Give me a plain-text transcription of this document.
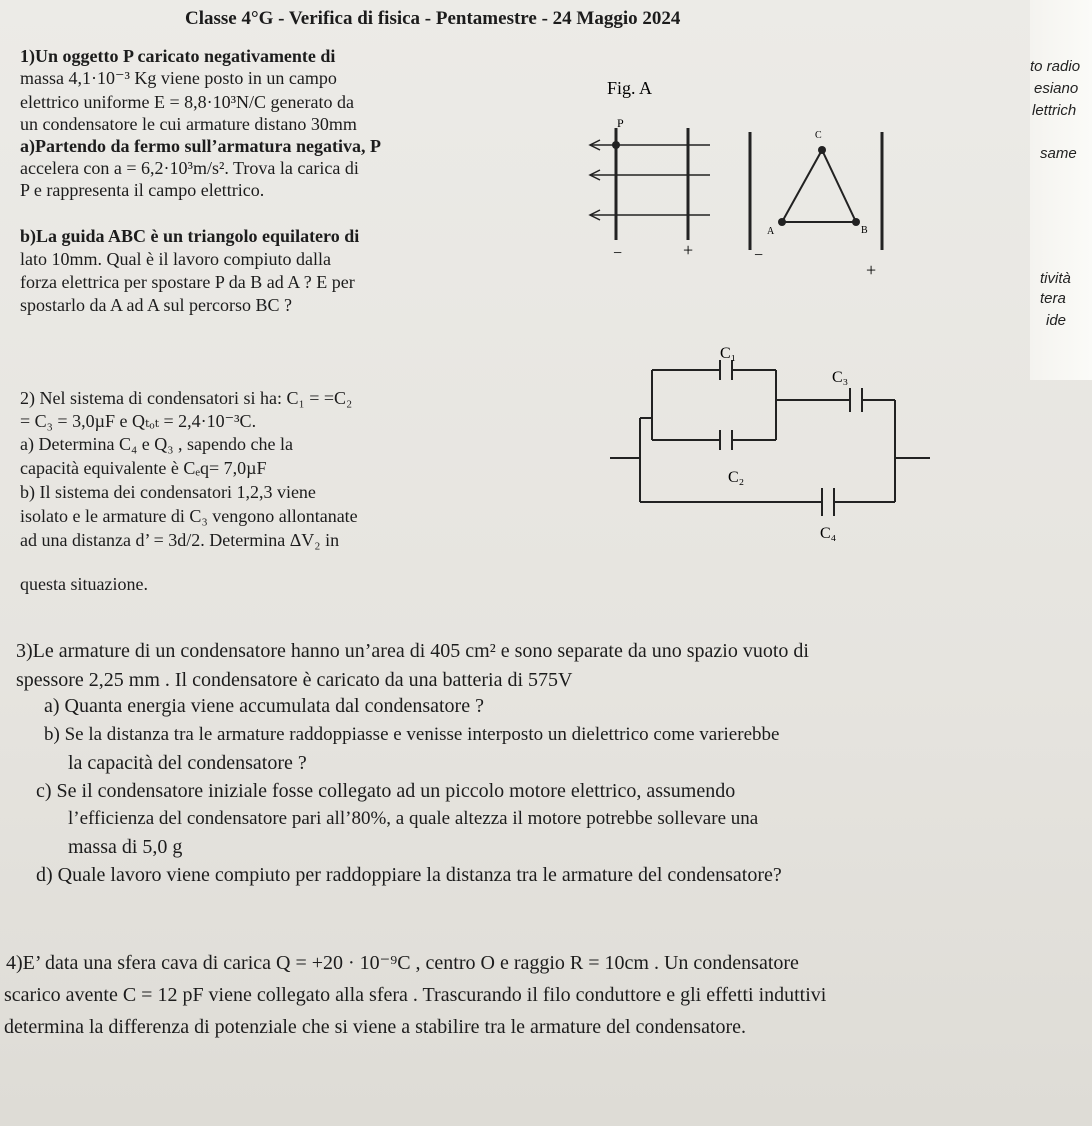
to radio
esiano
lettrich
same
tività
tera
ide
Classe 4°G - Verifica di fisica - Pentamestre - 24 Maggio 2024
1)Un oggetto P caricato negativamente di
massa 4,1·10⁻³ Kg viene posto in un campo
elettrico uniforme E = 8,8·10³N/C generato da
un condensatore le cui armature distano 30mm
a)Partendo da fermo sull’armatura negativa, P
accelera con a = 6,2·10³m/s². Trova la carica di
P e rappresenta il campo elettrico.
b)La guida ABC è un triangolo equilatero di
lato 10mm. Qual è il lavoro compiuto dalla
forza elettrica per spostare P da B ad A ? E per
spostarlo da A ad A sul percorso BC ?
Fig. A
P
−	+
A	B
C
−
+
2) Nel sistema di condensatori si ha: C₁ = =C₂
= C₃ = 3,0µF e Qₜₒₜ = 2,4·10⁻³C.
a) Determina C₄ e Q₃ , sapendo che la
capacità equivalente è Cₑq= 7,0µF
b) Il sistema dei condensatori 1,2,3 viene
isolato e le armature di C₃ vengono allontanate
ad una distanza d’ = 3d/2. Determina ΔV₂ in
questa situazione.
C₁
C₂
C₃
C₄
3)Le armature di un condensatore hanno un’area di 405 cm² e sono separate da uno spazio vuoto di
spessore 2,25 mm . Il condensatore è caricato da una batteria di 575V
a) Quanta energia viene accumulata dal condensatore ?
b) Se la distanza tra le armature raddoppiasse e venisse interposto un dielettrico come varierebbe
la capacità del condensatore ?
c) Se il condensatore iniziale fosse collegato ad un piccolo motore elettrico, assumendo
l’efficienza del condensatore pari all’80%, a quale altezza il motore potrebbe sollevare una
massa di 5,0 g
d) Quale lavoro viene compiuto per raddoppiare la distanza tra le armature del condensatore?
4)E’ data una sfera cava di carica Q = +20 · 10⁻⁹C , centro O e raggio R = 10cm . Un condensatore
scarico avente C = 12 pF viene collegato alla sfera . Trascurando il filo conduttore e gli effetti induttivi
determina la differenza di potenziale che si viene a stabilire tra le armature del condensatore.
